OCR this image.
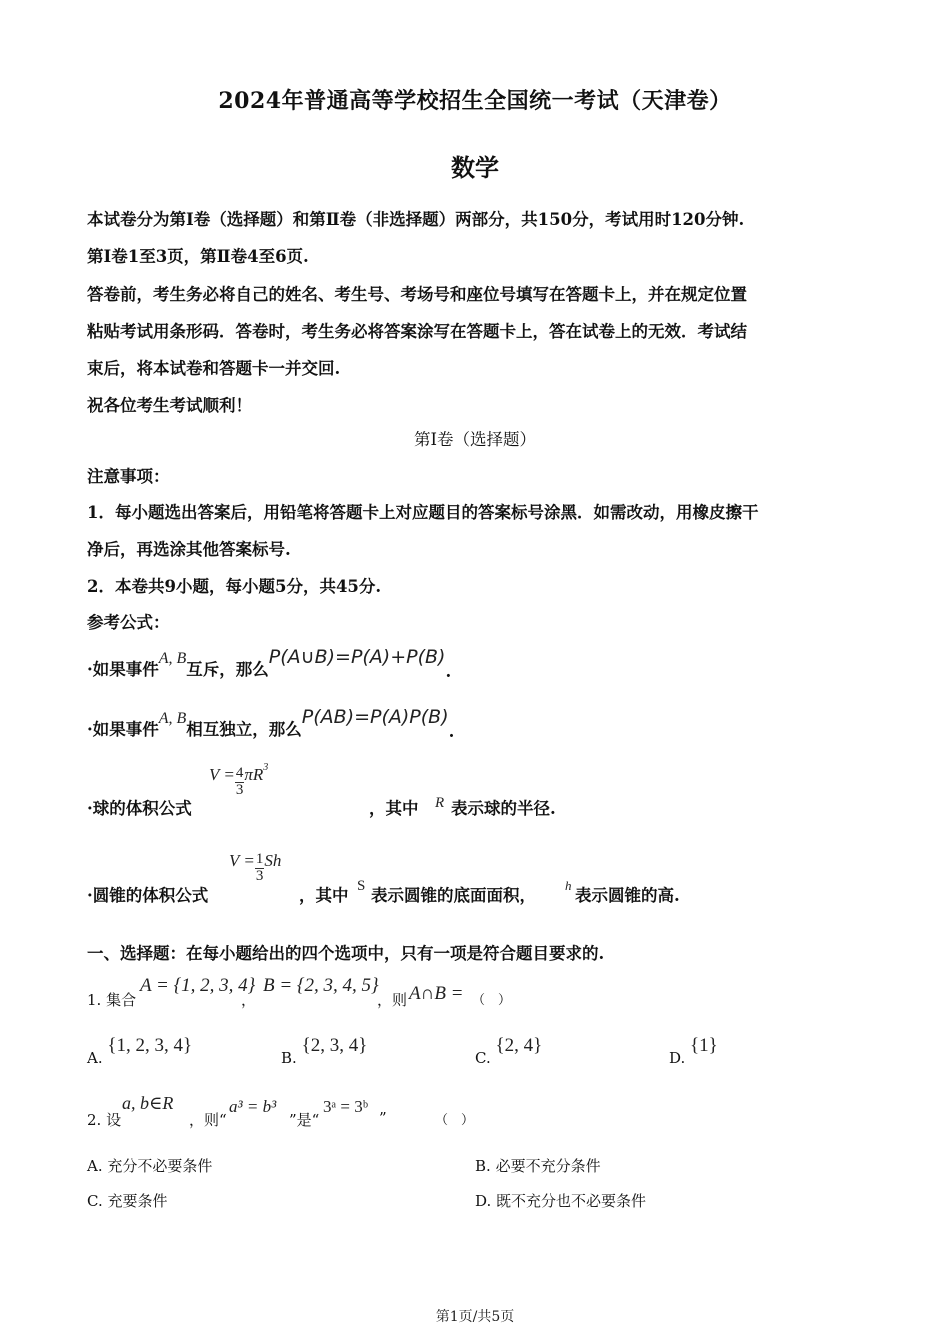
2024年普通高等学校招生全国统一考试（天津卷）
数学
本试卷分为第Ⅰ卷（选择题）和第Ⅱ卷（非选择题）两部分，共150分，考试用时120分钟.
第Ⅰ卷1至3页，第Ⅱ卷4至6页.
答卷前，考生务必将自己的姓名、考生号、考场号和座位号填写在答题卡上，并在规定位置
粘贴考试用条形码．答卷时，考生务必将答案涂写在答题卡上，答在试卷上的无效．考试结
束后，将本试卷和答题卡一并交回.
祝各位考生考试顺利！
第Ⅰ卷（选择题）
注意事项：
1．每小题选出答案后，用铅笔将答题卡上对应题目的答案标号涂黑．如需改动，用橡皮擦干
净后，再选涂其他答案标号.
2．本卷共9小题，每小题5分，共45分.
参考公式：
·如果事件A, B互斥，那么P(A∪B)=P(A)+P(B).
·如果事件A, B相互独立，那么P(AB)=P(A)P(B).
·球的体积公式
$V = \frac{4}{3} \pi R^3$
，其中 R 表示球的半径.
·圆锥的体积公式
$V = \frac{1}{3}$ Sh
，其中 S 表示圆锥的底面面积，
h
表示圆锥的高.
一、选择题：在每小题给出的四个选项中，只有一项是符合题目要求的.
1. 集合
A = {1, 2, 3, 4}
，
B = {2, 3, 4, 5}
，则 A∩B = （　）
A. {1, 2, 3, 4}
B. {2, 3, 4}
C. {2, 4}
D. {1}
2. 设
a, b∈R
，则“
a³ = b³
”是“
3ᵃ = 3ᵇ
”	（　）
A. 充分不必要条件	B. 必要不充分条件
C. 充要条件	D. 既不充分也不必要条件
第1页/共5页
